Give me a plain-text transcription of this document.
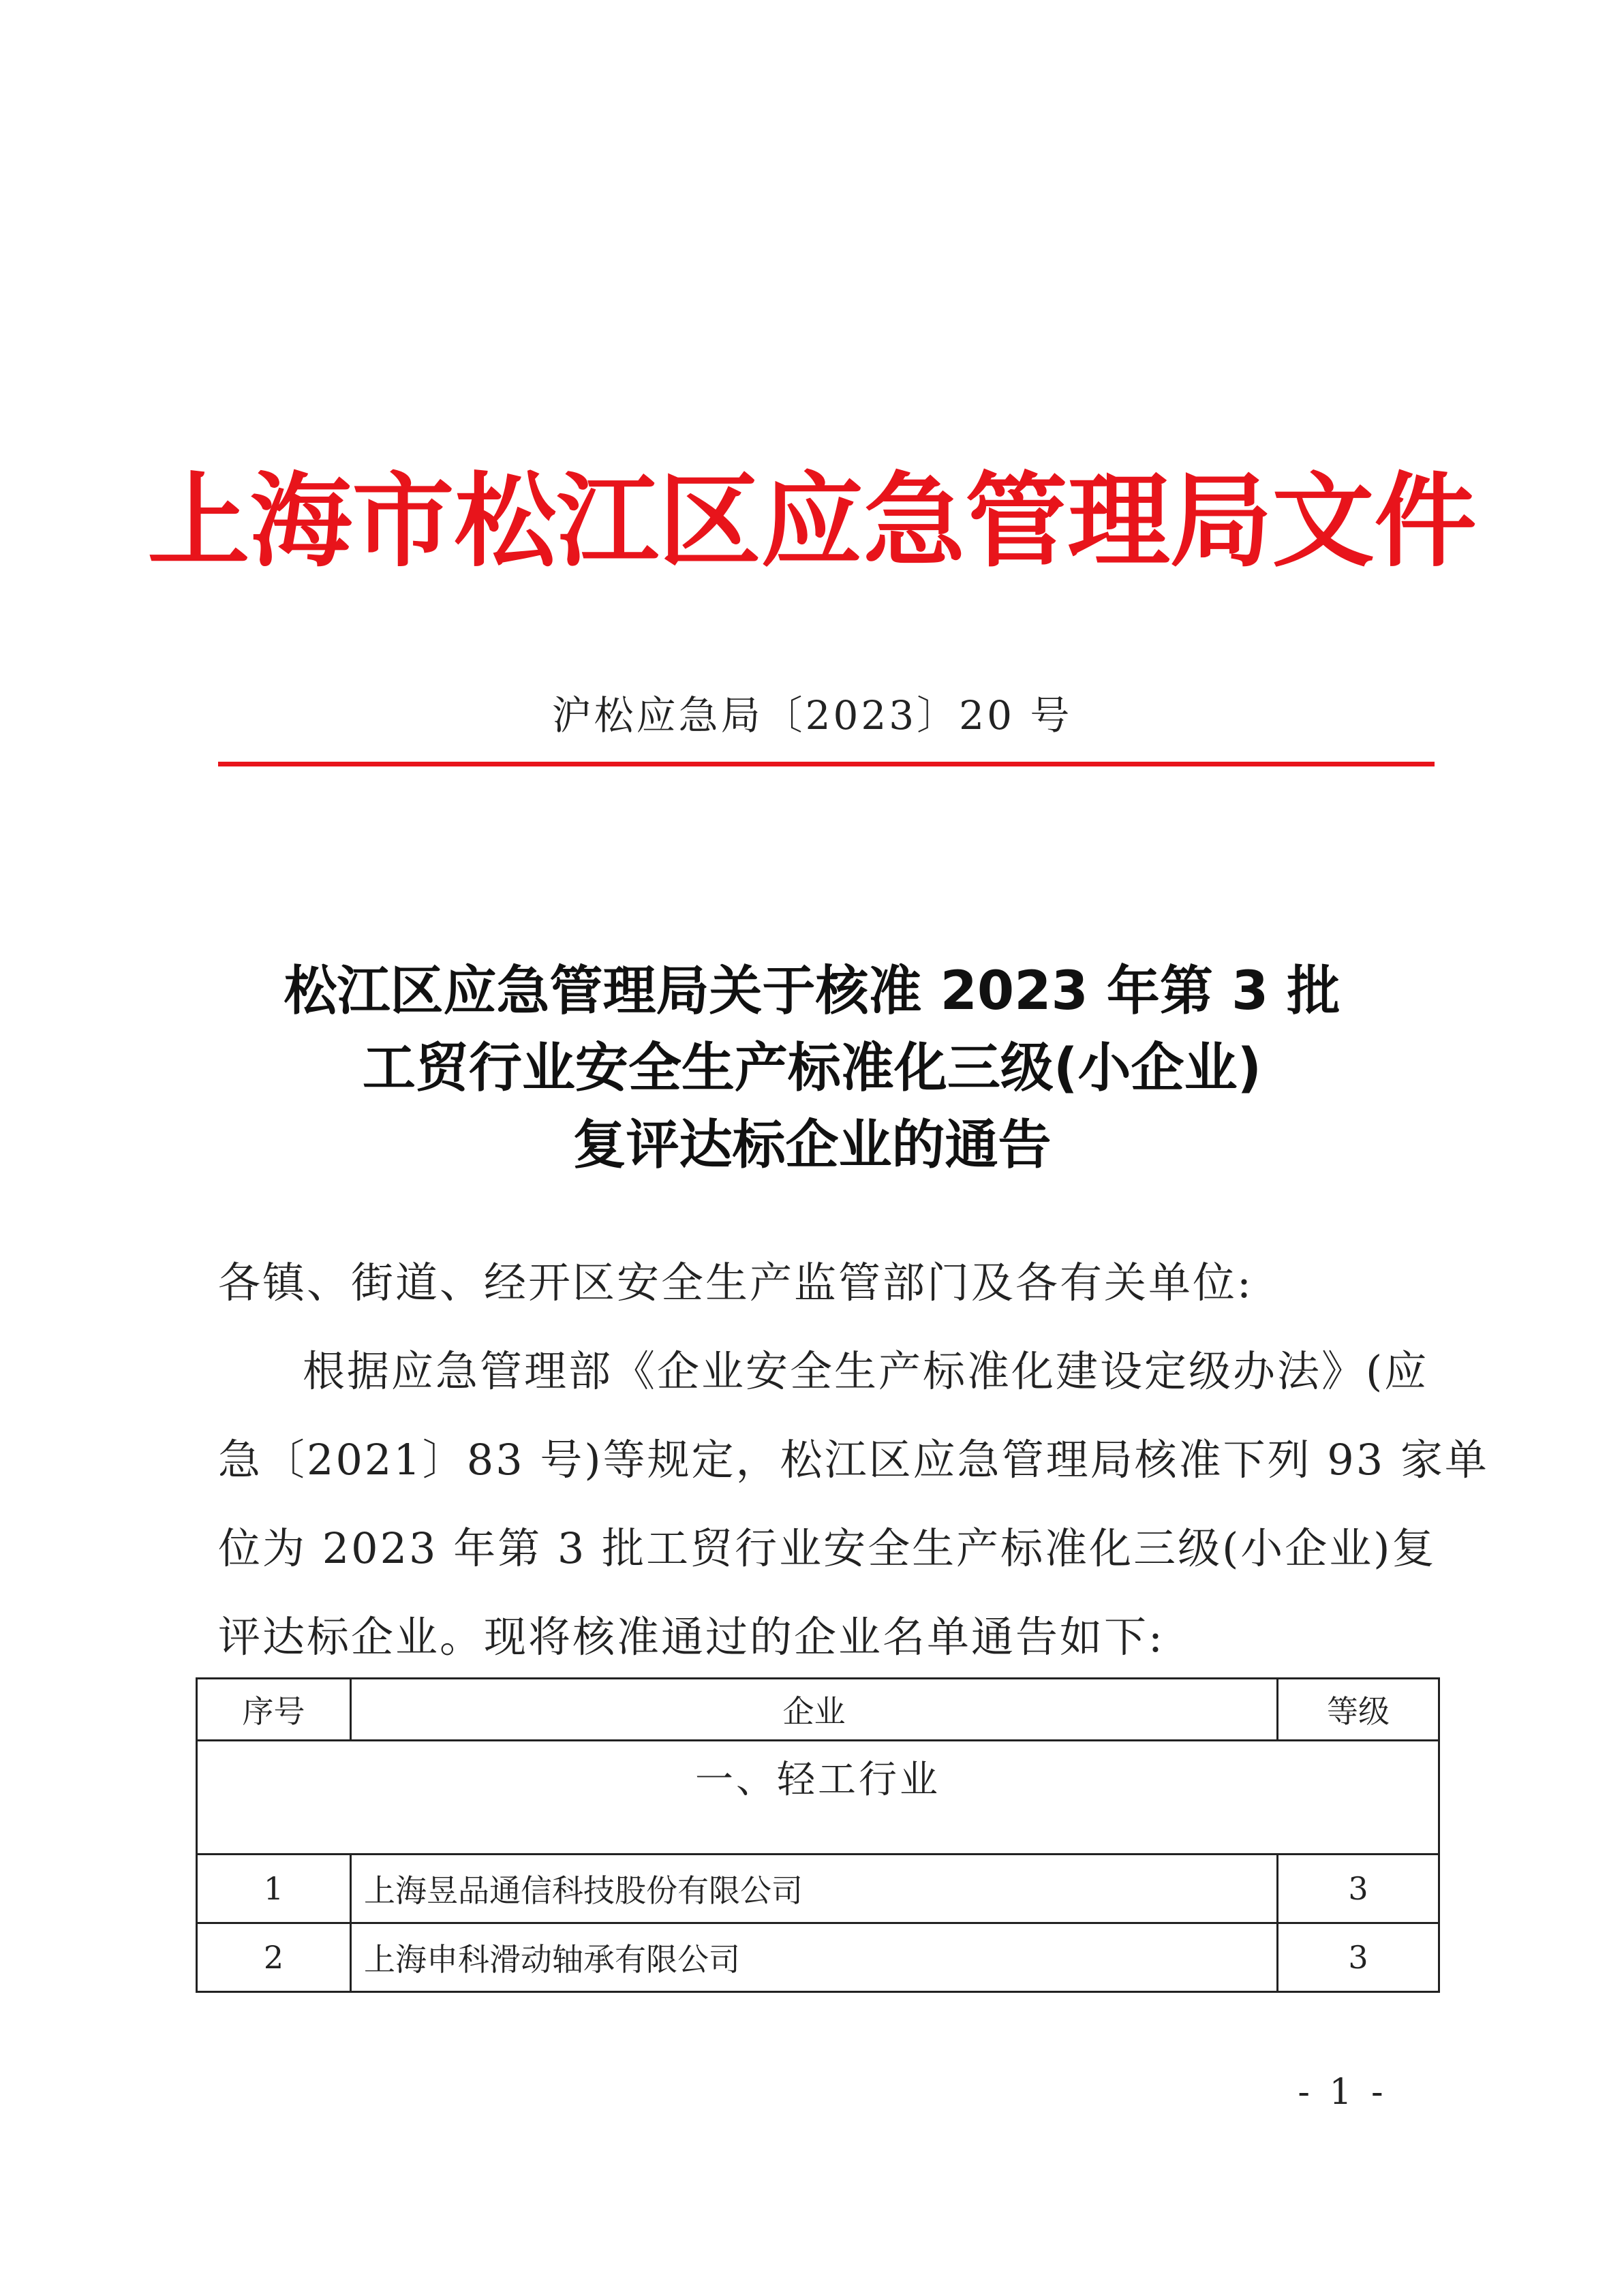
上海市松江区应急管理局文件
沪松应急局〔2023〕20 号
松江区应急管理局关于核准 2023 年第 3 批
工贸行业安全生产标准化三级(小企业)
复评达标企业的通告
各镇、街道、经开区安全生产监管部门及各有关单位:
根据应急管理部《企业安全生产标准化建设定级办法》(应
急〔2021〕83 号)等规定，松江区应急管理局核准下列 93 家单
位为 2023 年第 3 批工贸行业安全生产标准化三级(小企业)复
评达标企业。现将核准通过的企业名单通告如下:
序号	企业	等级
一、轻工行业		
1	上海昱品通信科技股份有限公司	3
2	上海申科滑动轴承有限公司	3
- 1 -
